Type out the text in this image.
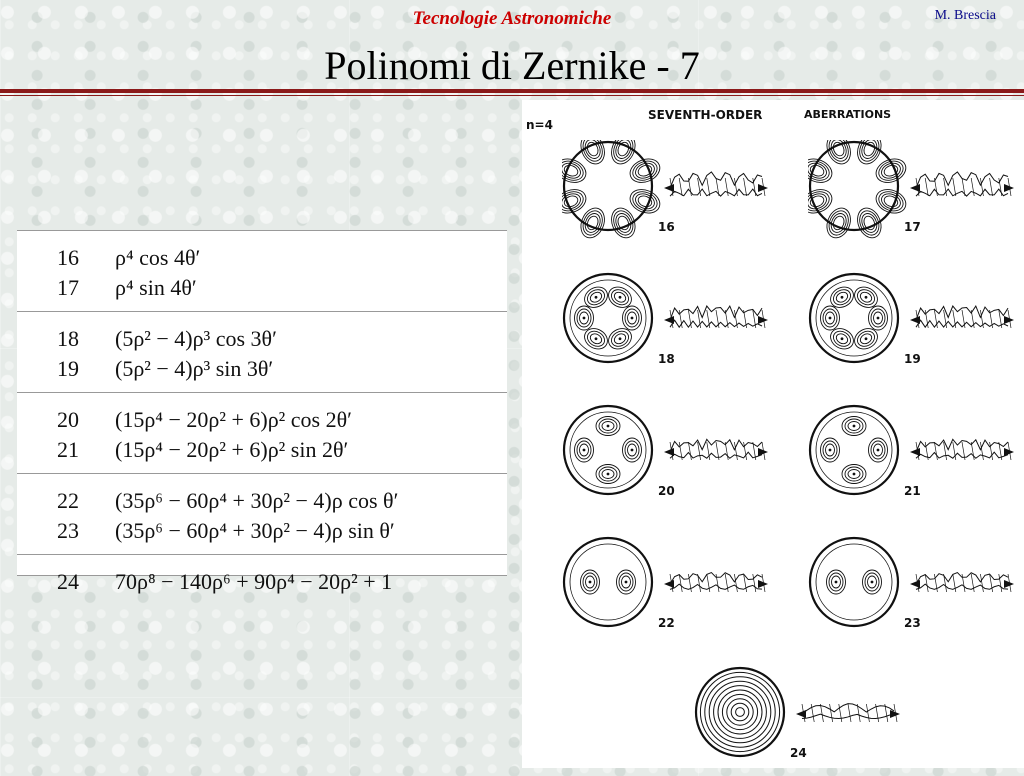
Tecnologie Astronomiche	M. Brescia
Polinomi di Zernike - 7
16	ρ⁴ cos 4θ′
17	ρ⁴ sin 4θ′
18	(5ρ² − 4)ρ³ cos 3θ′
19	(5ρ² − 4)ρ³ sin 3θ′
20	(15ρ⁴ − 20ρ² + 6)ρ² cos 2θ′
21	(15ρ⁴ − 20ρ² + 6)ρ² sin 2θ′
22	(35ρ⁶ − 60ρ⁴ + 30ρ² − 4)ρ cos θ′
23	(35ρ⁶ − 60ρ⁴ + 30ρ² − 4)ρ sin θ′
24	70ρ⁸ − 140ρ⁶ + 90ρ⁴ − 20ρ² + 1
n=4
SEVENTH-ORDER	ABERRATIONS
16	17
18	19
20	21
22	23
24
